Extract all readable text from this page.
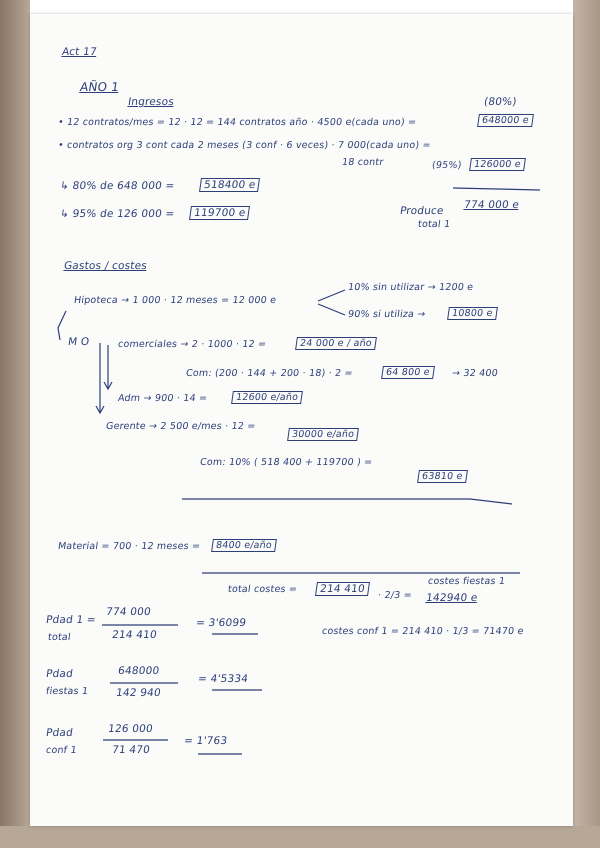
Act 17
AÑO 1
Ingresos	(80%)
• 12 contratos/mes = 12 · 12 = 144 contratos año · 4500 e(cada uno) =	648000 e
• contratos org 3 cont cada 2 meses (3 conf · 6 veces) · 7 000(cada uno) =
18 contr	(95%)	126000 e
↳ 80% de 648 000 =	518400 e
↳ 95% de 126 000 =	119700 e	Produce
total 1
774 000 e
Gastos / costes
Hipoteca → 1 000 · 12 meses = 12 000 e
10% sin utilizar → 1200 e
90% si utiliza →	10800 e
M O	comerciales → 2 · 1000 · 12 =	24 000 e / año
Com: (200 · 144 + 200 · 18) · 2 =	64 800 e	→ 32 400
Adm → 900 · 14 =	12600 e/año
Gerente → 2 500 e/mes · 12 =
30000 e/año
Com: 10% ( 518 400 + 119700 ) =
63810 e
Material = 700 · 12 meses =	8400 e/año
total costes =	214 410
costes fiestas 1
· 2/3 = 142940 e
costes conf 1 = 214 410 · 1/3 = 71470 e
Pdad 1 =
total
774 000
214 410
= 3'6099
Pdad
fiestas 1
648000
142 940
= 4'5334
Pdad
conf 1
126 000
71 470
= 1'763
